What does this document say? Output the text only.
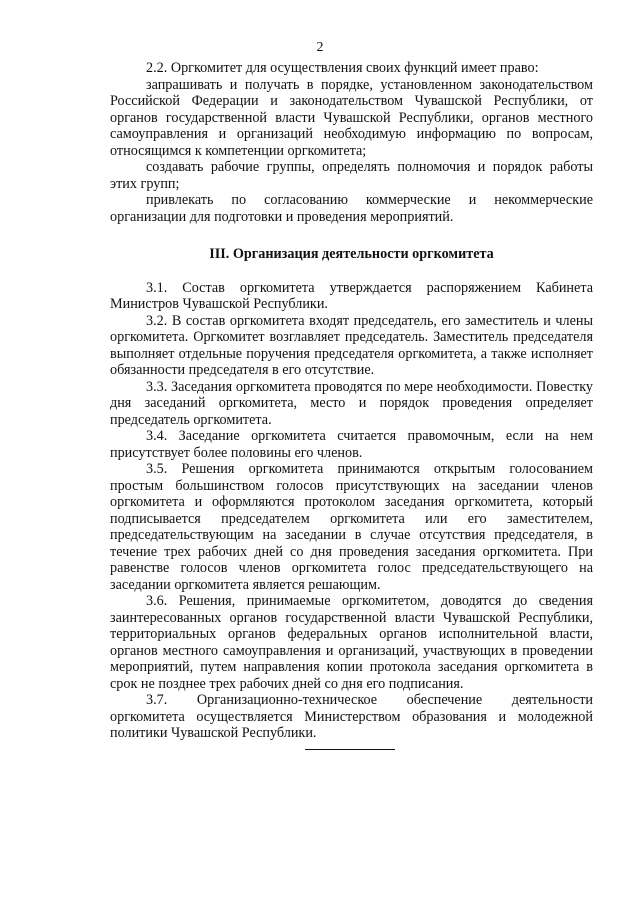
2

2.2. Оргкомитет для осуществления своих функций имеет право:

запрашивать и получать в порядке, установленном законодательством Российской Федерации и законодательством Чувашской Республики, от органов государственной власти Чувашской Республики, органов местного самоуправления и организаций необходимую информацию по вопросам, относящимся к компетенции оргкомитета;

создавать рабочие группы, определять полномочия и порядок работы этих групп;

привлекать по согласованию коммерческие и некоммерческие организации для подготовки и проведения мероприятий.

III. Организация деятельности оргкомитета

3.1. Состав оргкомитета утверждается распоряжением Кабинета Министров Чувашской Республики.

3.2. В состав оргкомитета входят председатель, его заместитель и члены оргкомитета. Оргкомитет возглавляет председатель. Заместитель председателя выполняет отдельные поручения председателя оргкомитета, а также исполняет обязанности председателя в его отсутствие.

3.3. Заседания оргкомитета проводятся по мере необходимости. Повестку дня заседаний оргкомитета, место и порядок проведения определяет председатель оргкомитета.

3.4. Заседание оргкомитета считается правомочным, если на нем присутствует более половины его членов.

3.5. Решения оргкомитета принимаются открытым голосованием простым большинством голосов присутствующих на заседании членов оргкомитета и оформляются протоколом заседания оргкомитета, который подписывается председателем оргкомитета или его заместителем, председательствующим на заседании в случае отсутствия председателя, в течение трех рабочих дней со дня проведения заседания оргкомитета. При равенстве голосов членов оргкомитета голос председательствующего на заседании оргкомитета является решающим.

3.6. Решения, принимаемые оргкомитетом, доводятся до сведения заинтересованных органов государственной власти Чувашской Республики, территориальных органов федеральных органов исполнительной власти, органов местного самоуправления и организаций, участвующих в проведении мероприятий, путем направления копии протокола заседания оргкомитета в срок не позднее трех рабочих дней со дня его подписания.

3.7. Организационно-техническое обеспечение деятельности оргкомитета осуществляется Министерством образования и молодежной политики Чувашской Республики.
